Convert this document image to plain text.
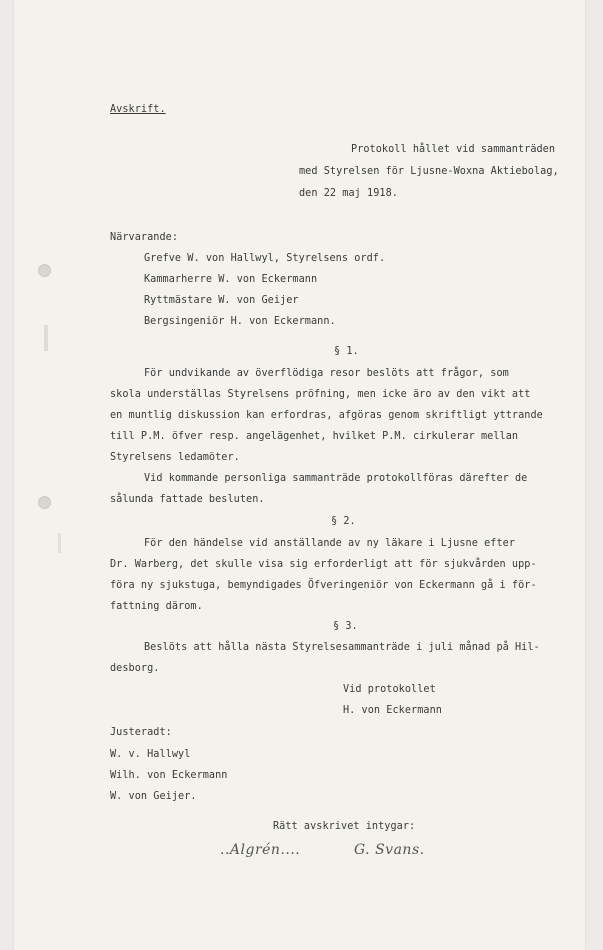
Avskrift.
Protokoll hållet vid sammanträden
med Styrelsen för Ljusne-Woxna Aktiebolag,
den 22 maj 1918.
Närvarande:
Grefve W. von Hallwyl, Styrelsens ordf.
Kammarherre W. von Eckermann
Ryttmästare W. von Geijer
Bergsingeniör H. von Eckermann.
§ 1.
För undvikande av överflödiga resor beslöts att frågor, som
skola underställas Styrelsens pröfning, men icke äro av den vikt att
en muntlig diskussion kan erfordras, afgöras genom skriftligt yttrande
till P.M. öfver resp. angelägenhet, hvilket P.M. cirkulerar mellan
Styrelsens ledamöter.
Vid kommande personliga sammanträde protokollföras därefter de
sålunda fattade besluten.
§ 2.
För den händelse vid anställande av ny läkare i Ljusne efter
Dr. Warberg, det skulle visa sig erforderligt att för sjukvården upp-
föra ny sjukstuga, bemyndigades Öfveringeniör von Eckermann gå i för-
fattning därom.
§ 3.
Beslöts att hålla nästa Styrelsesammanträde i juli månad på Hil-
desborg.
Vid protokollet
H. von Eckermann
Justeradt:
W. v. Hallwyl
Wilh. von Eckermann
W. von Geijer.
Rätt avskrivet intygar:
..Algrén....	G. Svans.
